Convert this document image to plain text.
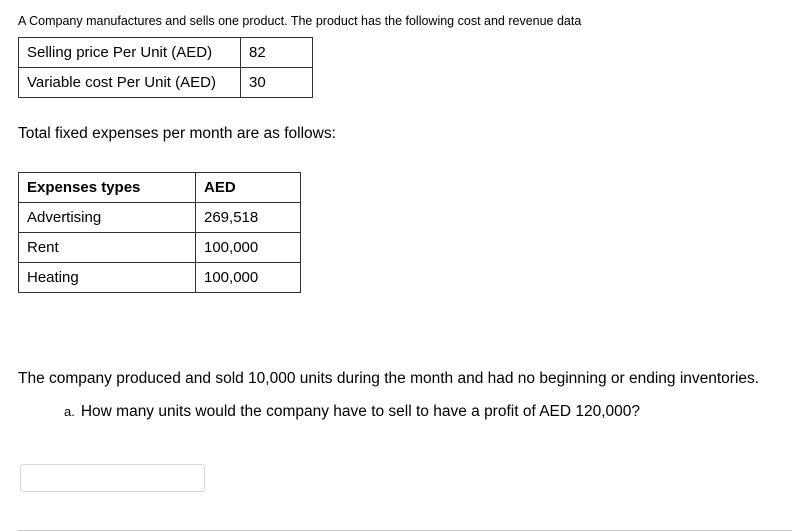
A Company manufactures and sells one product. The product has the following cost and revenue data
Selling price Per Unit (AED)	82
Variable cost Per Unit (AED)	30
Total fixed expenses per month are as follows:
Expenses types	AED
Advertising	269,518
Rent	100,000
Heating	100,000
The company produced and sold 10,000 units during the month and had no beginning or ending inventories.
a. How many units would the company have to sell to have a profit of AED 120,000?
